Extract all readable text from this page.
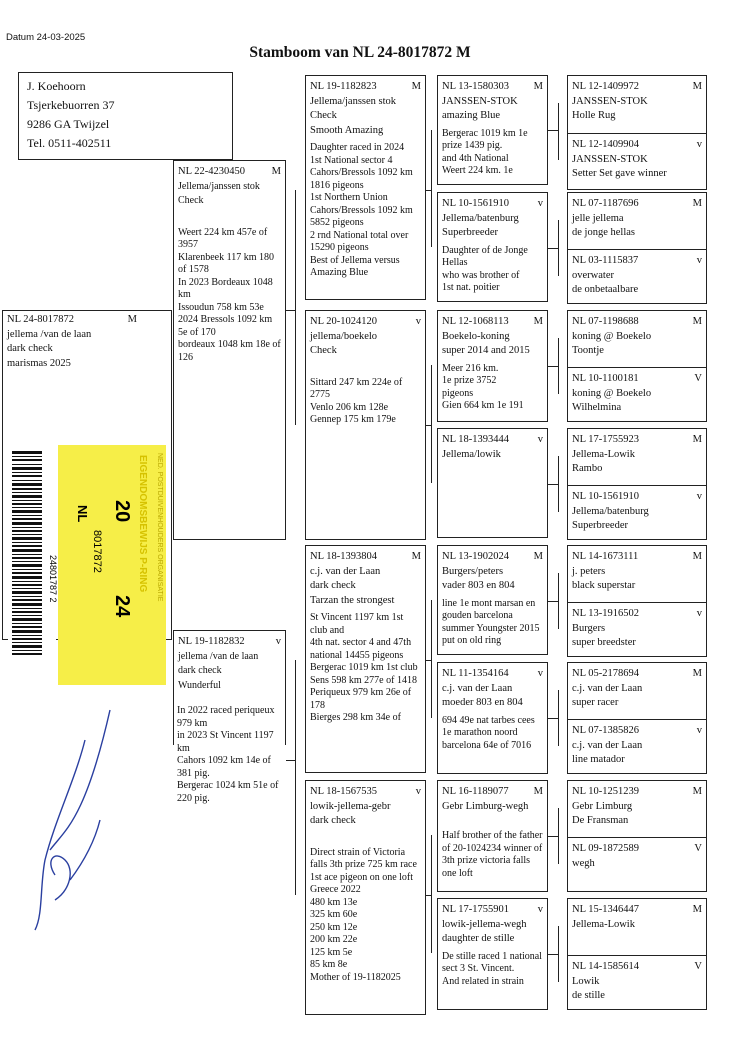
Datum 24-03-2025
Stamboom van NL 24-8017872 M
J. Koehoorn
Tsjerkebuorren 37
9286 GA Twijzel
Tel. 0511-402511
NL 24-8017872	M
jellema /van de laan
dark check
marismas 2025
NL 22-4230450	M
Jellema/janssen stok
Check
Weert 224 km 457e of 3957
Klarenbeek 117 km 180 of 1578
In 2023 Bordeaux 1048 km
Issoudun 758 km 53e
2024 Bressols 1092 km 5e of 170
bordeaux 1048 km 18e of 126
NL 19-1182832	v
jellema /van de laan
dark check
Wunderful
In 2022 raced periqueux 979 km
in 2023 St Vincent 1197 km
Cahors 1092 km 14e of 381 pig.
Bergerac 1024 km 51e of 220 pig.
NL 19-1182823	M
Jellema/janssen stok
Check
Smooth Amazing
Daughter raced in 2024
1st National sector 4 Cahors/Bressols 1092 km 1816 pigeons
1st Northern Union Cahors/Bressols 1092 km 5852 pigeons
2 rnd National total over 15290 pigeons
Best of Jellema versus Amazing Blue
NL 20-1024120	v
jellema/boekelo
Check
Sittard 247 km 224e of 2775
Venlo 206 km 128e
Gennep 175 km 179e
NL 18-1393804	M
c.j. van der Laan
dark check
Tarzan the strongest
St Vincent 1197 km 1st club and
4th nat. sector 4 and 47th national 14455 pigeons
Bergerac 1019 km 1st club
Sens 598 km 277e of 1418
Periqueux 979 km 26e of 178
Bierges 298 km 34e of
NL 18-1567535	v
lowik-jellema-gebr
dark check
Direct strain of Victoria falls 3th prize 725 km race
1st ace pigeon on one loft Greece 2022
480 km 13e
325 km 60e
250 km 12e
200 km 22e
125 km 5e
85 km 8e
Mother of 19-1182025
NL 13-1580303 M
JANSSEN-STOK
amazing Blue
Bergerac 1019 km 1e prize 1439 pig.
and 4th National
Weert 224 km. 1e
NL 10-1561910	v
Jellema/batenburg
Superbreeder
Daughter of de Jonge Hellas
who was brother of
1st nat. poitier
NL 12-1068113 M
Boekelo-koning
super 2014 and 2015
Meer 216 km.
1e prize 3752
pigeons
Gien 664 km 1e 191
NL 18-1393444	v
Jellema/lowik
NL 13-1902024 M
Burgers/peters
vader 803 en 804
line 1e mont marsan en gouden barcelona summer Youngster 2015 put on old ring
NL 11-1354164	v
c.j. van der Laan
moeder 803 en 804
694 49e nat tarbes cees 1e marathon noord
barcelona 64e of 7016
NL 16-1189077 M
Gebr Limburg-wegh
Half brother of the father of 20-1024234 winner of 3th prize victoria falls one loft
NL 17-1755901	v
lowik-jellema-wegh
daughter de stille
De stille raced 1 national sect 3 St. Vincent.
And related in strain
NL 12-1409972	M
JANSSEN-STOK
Holle Rug
NL 12-1409904	v
JANSSEN-STOK
Setter Set gave winner
NL 07-1187696	M
jelle jellema
de jonge hellas
NL 03-1115837	v
overwater
de onbetaalbare
NL 07-1198688	M
koning @ Boekelo
Toontje
NL 10-1100181	V
koning @ Boekelo
Wilhelmina
NL 17-1755923	M
Jellema-Lowik
Rambo
NL 10-1561910	v
Jellema/batenburg
Superbreeder
NL 14-1673111	M
j. peters
black superstar
NL 13-1916502	v
Burgers
super breedster
NL 05-2178694	M
c.j. van der Laan
super racer
NL 07-1385826	v
c.j. van der Laan
line matador
NL 10-1251239	M
Gebr Limburg
De Fransman
NL 09-1872589	V
wegh
NL 15-1346447	M
Jellema-Lowik
NL 14-1585614	V
Lowik
de stille
24801787 2
NL
8017872
20
24
EIGENDOMSBEWIJS P-RING NED. POSTDUIVENHOUDERS ORGANISATIE
